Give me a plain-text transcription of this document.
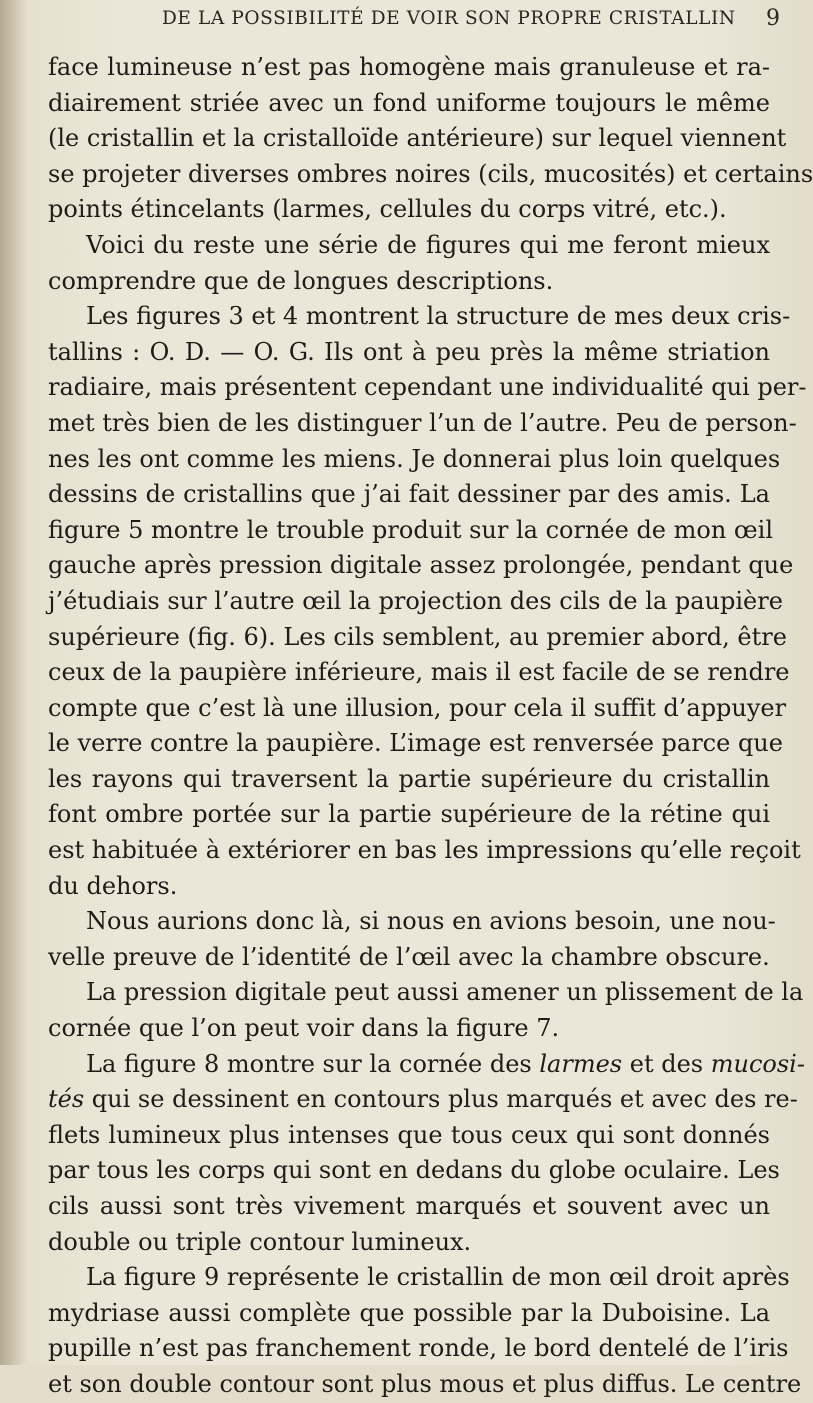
DE LA POSSIBILITÉ DE VOIR SON PROPRE CRISTALLIN 9
face lumineuse n’est pas homogène mais granuleuse et ra-
diairement striée avec un fond uniforme toujours le même
(le cristallin et la cristalloïde antérieure) sur lequel viennent
se projeter diverses ombres noires (cils, mucosités) et certains
points étincelants (larmes, cellules du corps vitré, etc.).
Voici du reste une série de figures qui me feront mieux
comprendre que de longues descriptions.
Les figures 3 et 4 montrent la structure de mes deux cris-
tallins : O. D. — O. G. Ils ont à peu près la même striation
radiaire, mais présentent cependant une individualité qui per-
met très bien de les distinguer l’un de l’autre. Peu de person-
nes les ont comme les miens. Je donnerai plus loin quelques
dessins de cristallins que j’ai fait dessiner par des amis. La
figure 5 montre le trouble produit sur la cornée de mon œil
gauche après pression digitale assez prolongée, pendant que
j’étudiais sur l’autre œil la projection des cils de la paupière
supérieure (fig. 6). Les cils semblent, au premier abord, être
ceux de la paupière inférieure, mais il est facile de se rendre
compte que c’est là une illusion, pour cela il suffit d’appuyer
le verre contre la paupière. L’image est renversée parce que
les rayons qui traversent la partie supérieure du cristallin
font ombre portée sur la partie supérieure de la rétine qui
est habituée à extériorer en bas les impressions qu’elle reçoit
du dehors.
Nous aurions donc là, si nous en avions besoin, une nou-
velle preuve de l’identité de l’œil avec la chambre obscure.
La pression digitale peut aussi amener un plissement de la
cornée que l’on peut voir dans la figure 7.
La figure 8 montre sur la cornée des larmes et des mucosi-
tés qui se dessinent en contours plus marqués et avec des re-
flets lumineux plus intenses que tous ceux qui sont donnés
par tous les corps qui sont en dedans du globe oculaire. Les
cils aussi sont très vivement marqués et souvent avec un
double ou triple contour lumineux.
La figure 9 représente le cristallin de mon œil droit après
mydriase aussi complète que possible par la Duboisine. La
pupille n’est pas franchement ronde, le bord dentelé de l’iris
et son double contour sont plus mous et plus diffus. Le centre
